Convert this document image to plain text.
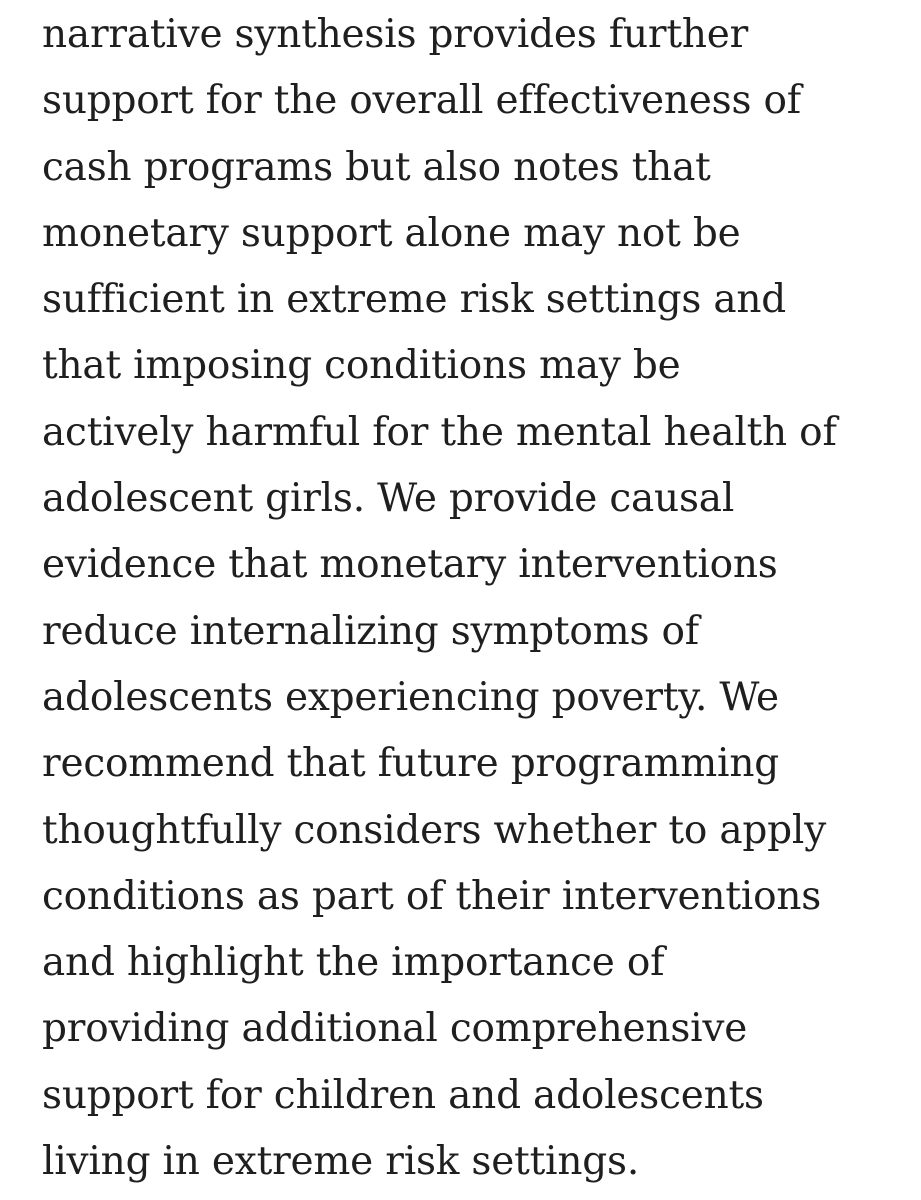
narrative synthesis provides further
support for the overall effectiveness of
cash programs but also notes that
monetary support alone may not be
sufficient in extreme risk settings and
that imposing conditions may be
actively harmful for the mental health of
adolescent girls. We provide causal
evidence that monetary interventions
reduce internalizing symptoms of
adolescents experiencing poverty. We
recommend that future programming
thoughtfully considers whether to apply
conditions as part of their interventions
and highlight the importance of
providing additional comprehensive
support for children and adolescents
living in extreme risk settings.
